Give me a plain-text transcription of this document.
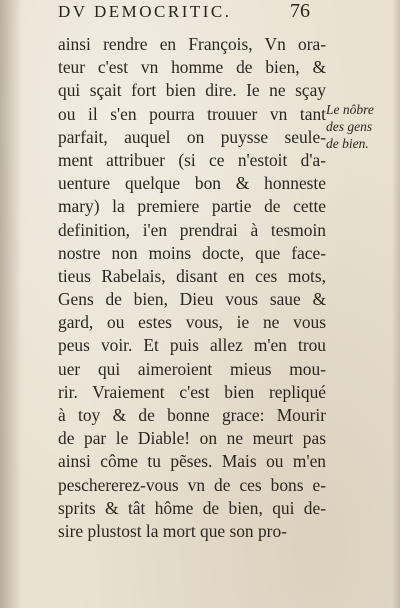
DV DEMOCRITIC.	76
ainsi rendre en François, Vn ora-
teur c'est vn homme de bien, &
qui sçait fort bien dire. Ie ne sçay
ou il s'en pourra trouuer vn tant
parfait, auquel on puysse seule-
ment attribuer (si ce n'estoit d'a-
uenture quelque bon & honneste
mary) la premiere partie de cette
definition, i'en prendrai à tesmoin
nostre non moins docte, que face-
tieus Rabelais, disant en ces mots,
Gens de bien, Dieu vous saue &
gard, ou estes vous, ie ne vous
peus voir. Et puis allez m'en trou
uer qui aimeroient mieus mou-
rir. Vraiement c'est bien repliqué
à toy & de bonne grace: Mourir
de par le Diable! on ne meurt pas
ainsi côme tu pẽses. Mais ou m'en
peschererez-vous vn de ces bons e-
sprits & tât hôme de bien, qui de-
sire plustost la mort que son pro-
Le nôbre
des gens
de bien.
